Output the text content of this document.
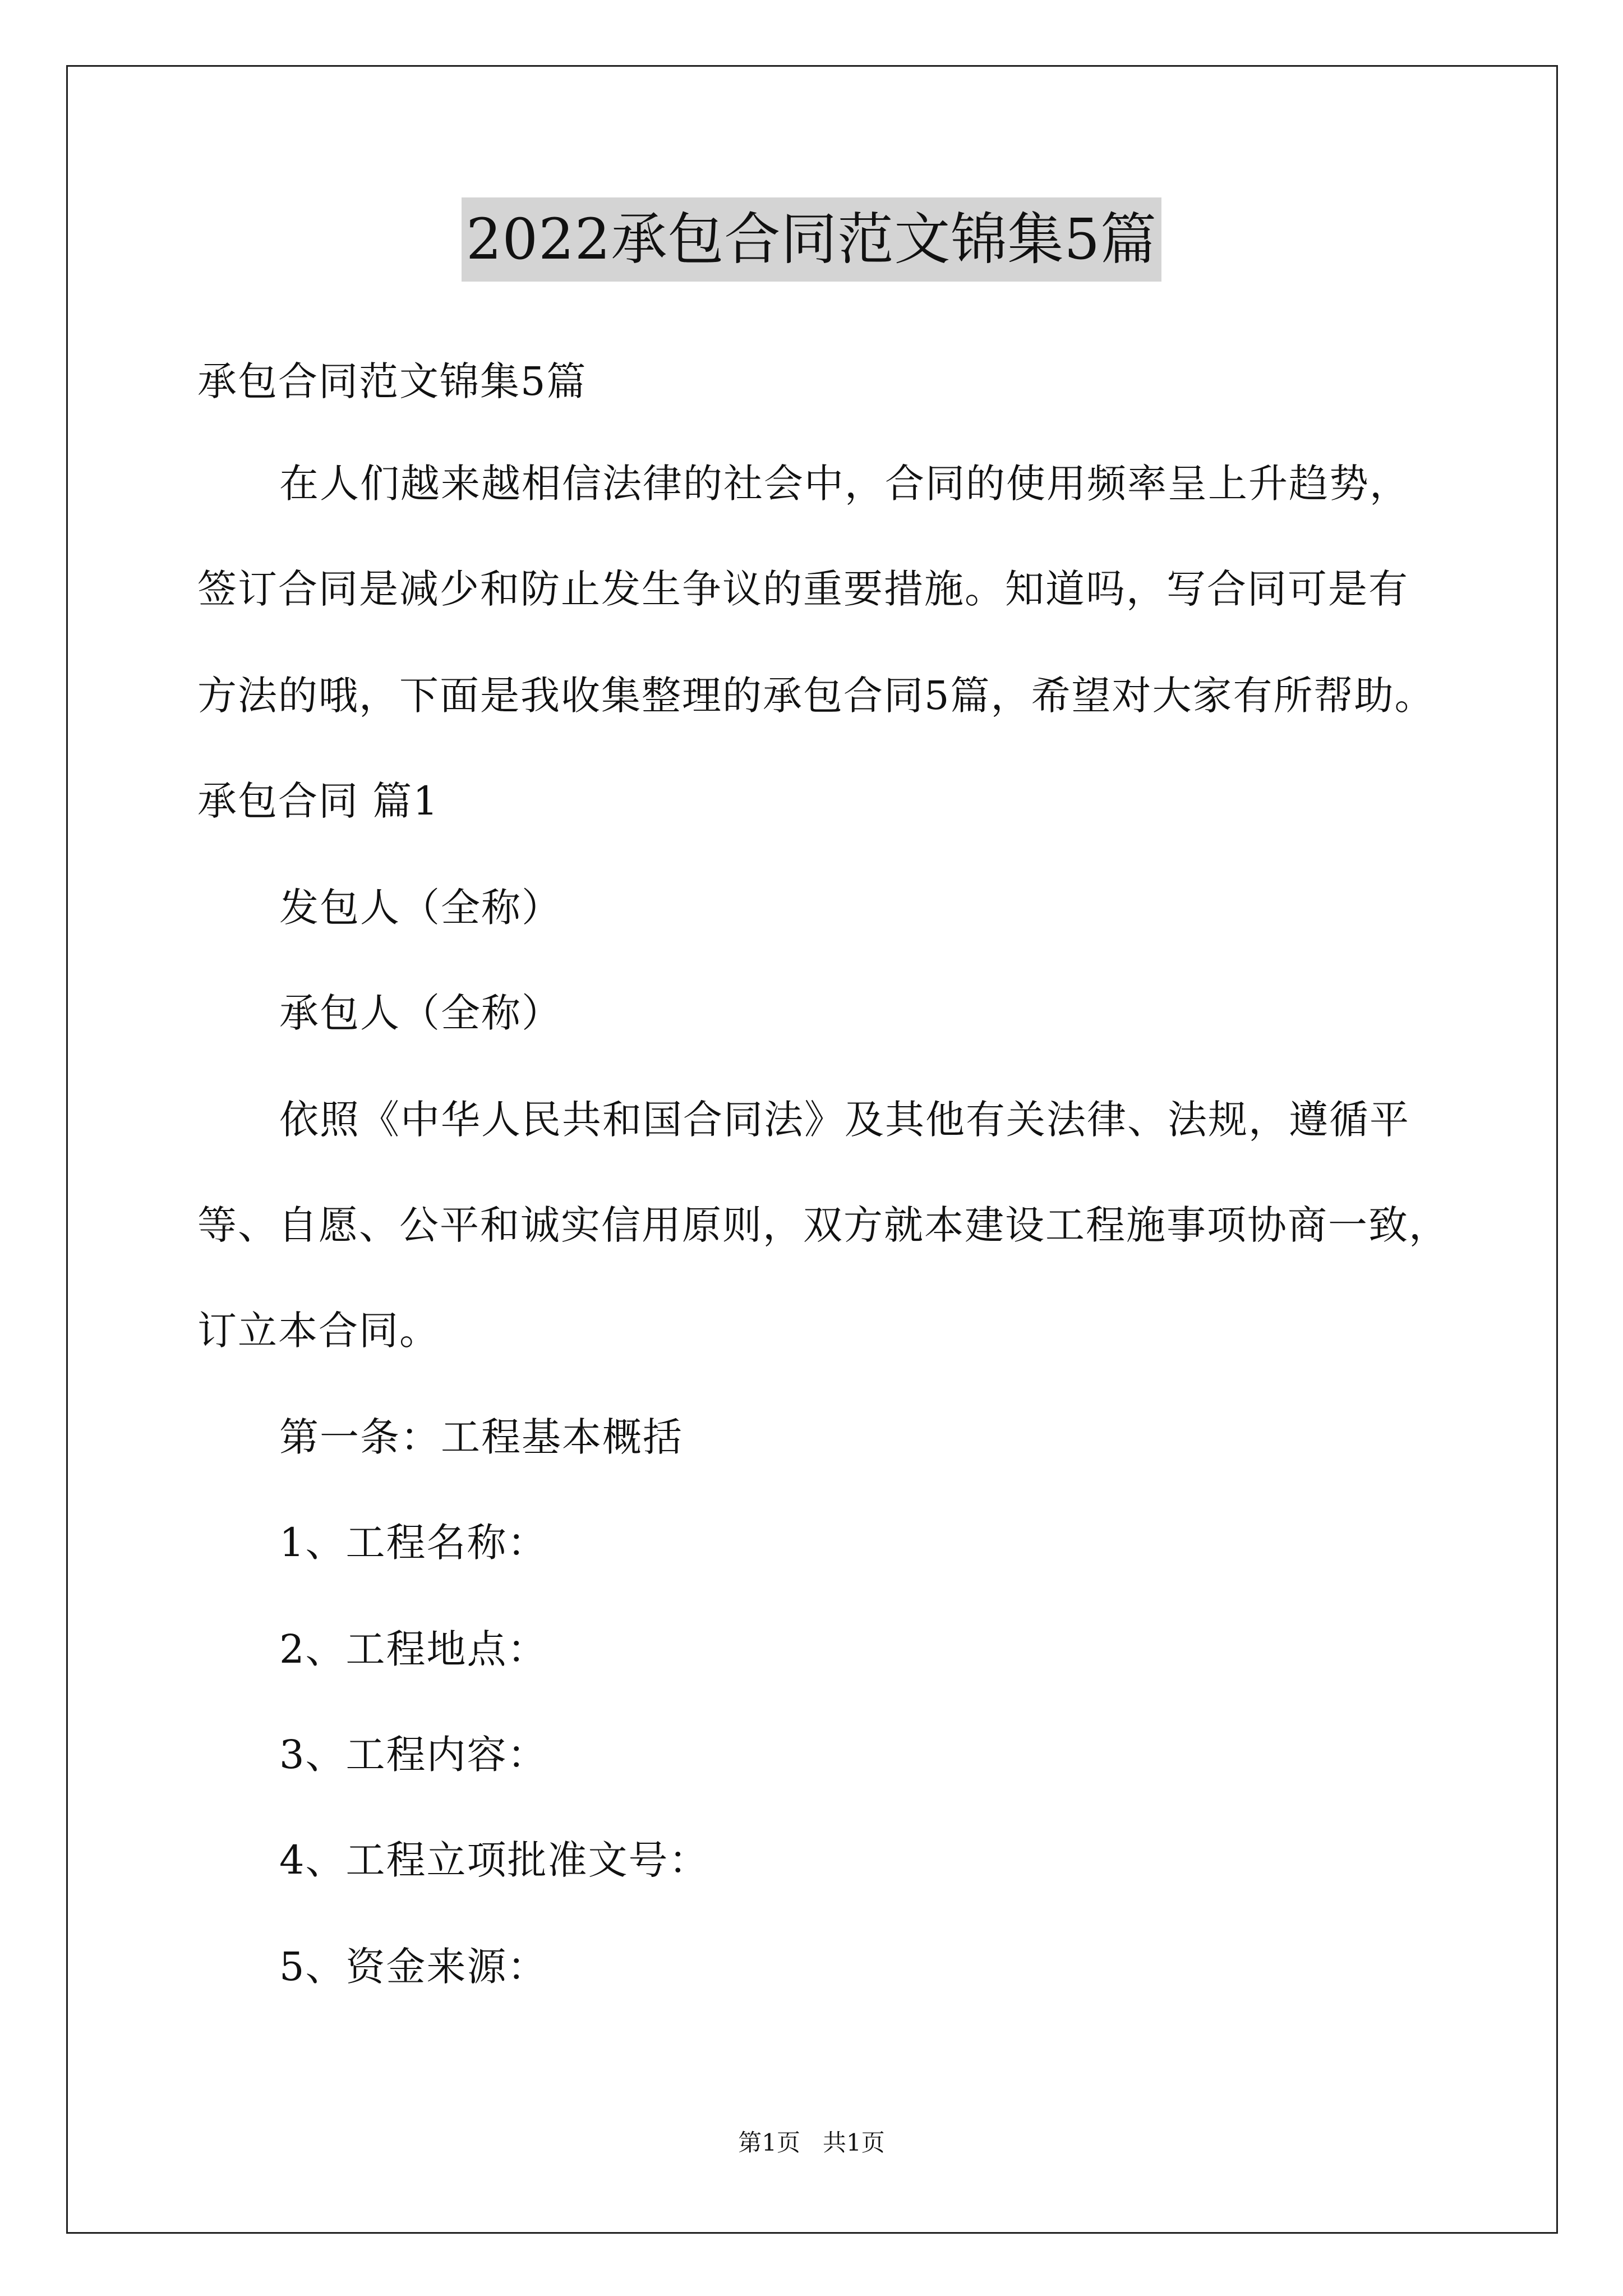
2022承包合同范文锦集5篇
承包合同范文锦集5篇
在人们越来越相信法律的社会中，合同的使用频率呈上升趋势，
签订合同是减少和防止发生争议的重要措施。知道吗，写合同可是有
方法的哦，下面是我收集整理的承包合同5篇，希望对大家有所帮助。
承包合同 篇1
发包人（全称）
承包人（全称）
依照《中华人民共和国合同法》及其他有关法律、法规，遵循平
等、自愿、公平和诚实信用原则，双方就本建设工程施事项协商一致，
订立本合同。
第一条：工程基本概括
1、工程名称：
2、工程地点：
3、工程内容：
4、工程立项批准文号：
5、资金来源：
第1页 共1页
